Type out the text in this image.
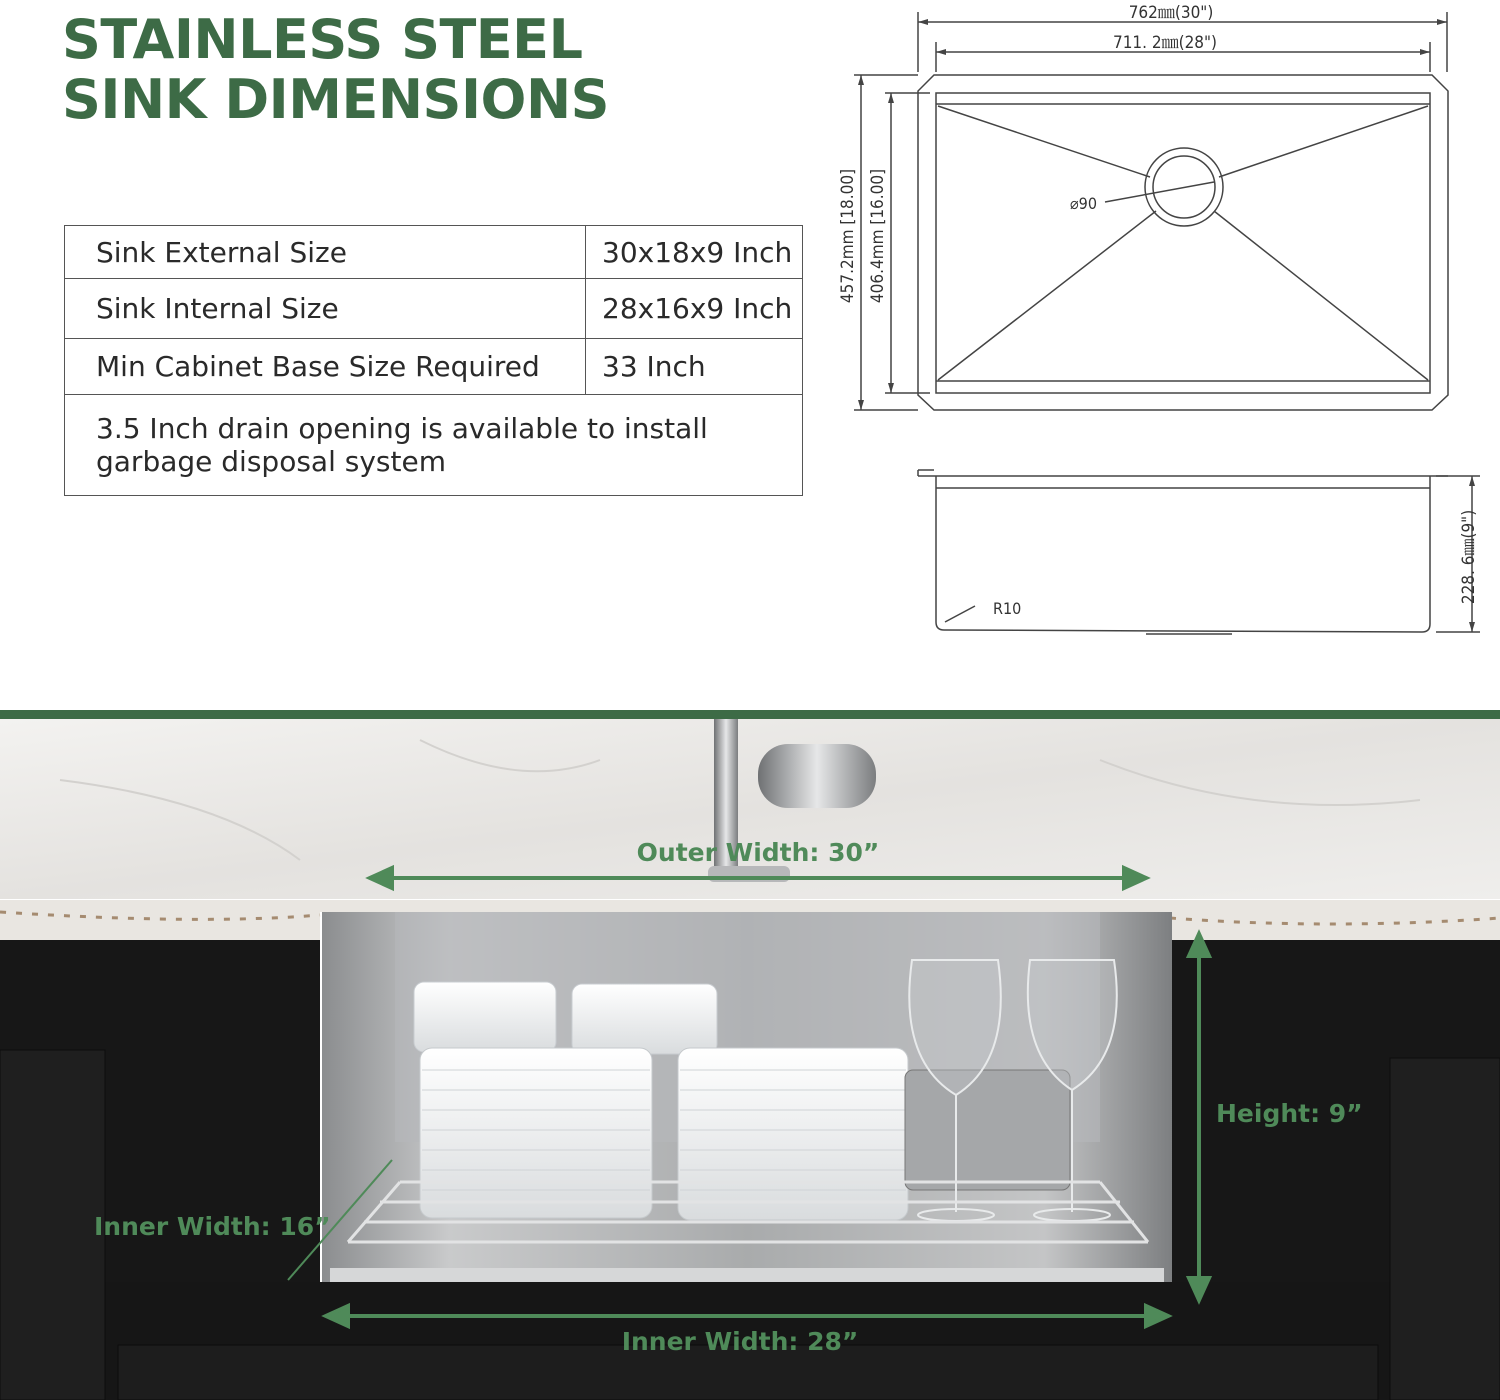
STAINLESS STEEL
SINK DIMENSIONS
Sink External Size	30x18x9 Inch
Sink Internal Size	28x16x9 Inch
Min Cabinet Base Size Required	33 Inch
3.5 Inch drain opening is available to install garbage disposal system	
762㎜(30")
711. 2㎜(28")
⌀90
R10
457.2mm [18.00] 406.4mm [16.00]
228. 6㎜(9")
Outer Width: 30”
Height: 9”
Inner Width: 16”
Inner Width: 28”
